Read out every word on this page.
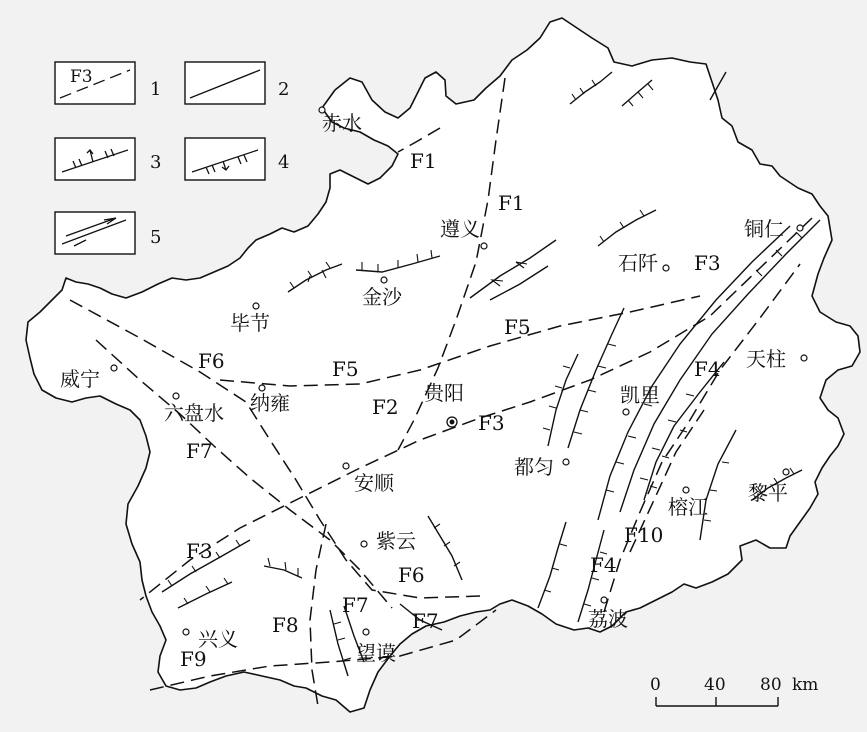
F3
1	2
3	4
5
赤水
遵义	铜仁
石阡
金沙
毕节
威宁
纳雍
六盘水
贵阳	凯里
天柱
都匀
安顺
榕江
黎平
紫云
兴义
望谟
荔波
F1
F1
F3
F5
F6	F5	F4
F2
F3
F7
F10
F3
F4
F6
F7
F7
F8
F9
0	40 80 km
